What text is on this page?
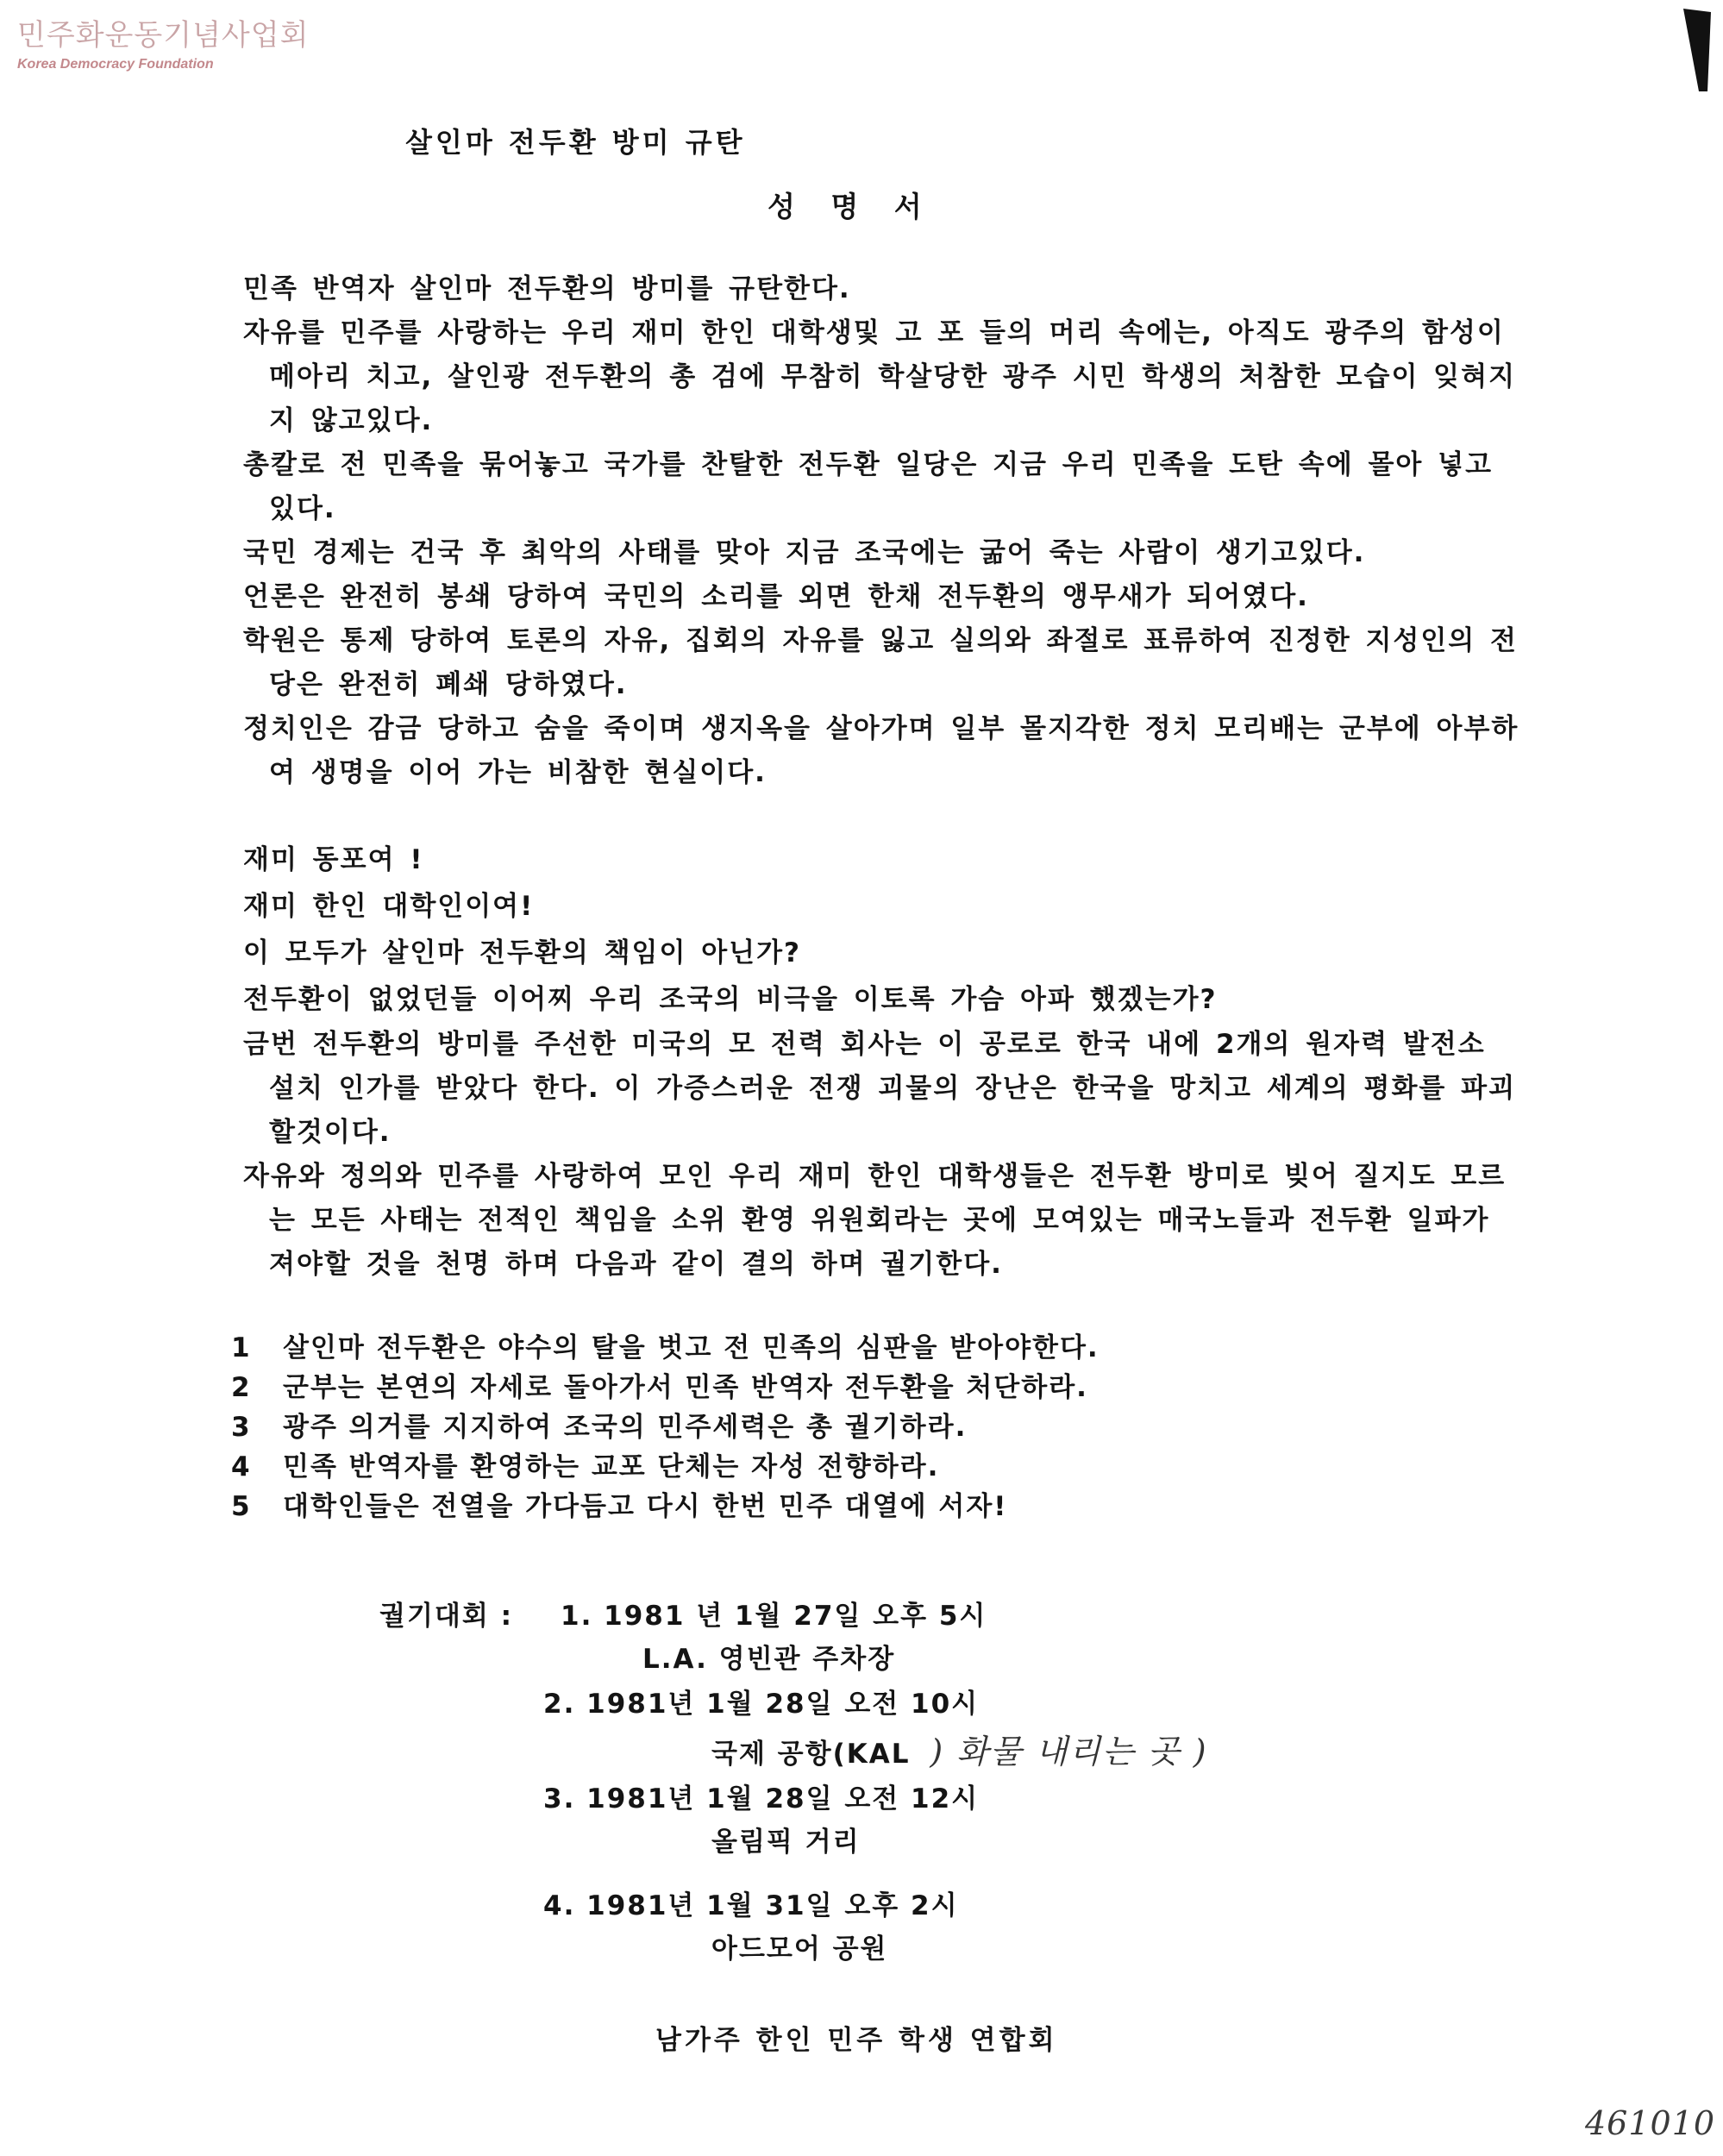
민주화운동기념사업회
Korea Democracy Foundation
살인마 전두환 방미 규탄
성 명 서

민족 반역자 살인마 전두환의 방미를 규탄한다.

자유를 민주를 사랑하는 우리 재미 한인 대학생및 고 포 들의 머리 속에는, 아직도 광주의 함성이 메아리 치고, 살인광 전두환의 총 검에 무참히 학살당한 광주 시민 학생의 처참한 모습이 잊혀지지 않고있다.

총칼로 전 민족을 묶어놓고 국가를 찬탈한 전두환 일당은 지금 우리 민족을 도탄 속에 몰아 넣고있다.

국민 경제는 건국 후 최악의 사태를 맞아 지금 조국에는 굶어 죽는 사람이 생기고있다.

언론은 완전히 봉쇄 당하여 국민의 소리를 외면 한채 전두환의 앵무새가 되어였다.

학원은 통제 당하여 토론의 자유, 집회의 자유를 잃고 실의와 좌절로 표류하여 진정한 지성인의 전당은 완전히 폐쇄 당하였다.

정치인은 감금 당하고 숨을 죽이며 생지옥을 살아가며 일부 몰지각한 정치 모리배는 군부에 아부하여 생명을 이어 가는 비참한 현실이다.

재미 동포여 !

재미 한인 대학인이여!

이 모두가 살인마 전두환의 책임이 아닌가?

전두환이 없었던들 이어찌 우리 조국의 비극을 이토록 가슴 아파 했겠는가?

금번 전두환의 방미를 주선한 미국의 모 전력 회사는 이 공로로 한국 내에 2개의 원자력 발전소 설치 인가를 받았다 한다. 이 가증스러운 전쟁 괴물의 장난은 한국을 망치고 세계의 평화를 파괴 할것이다.

자유와 정의와 민주를 사랑하여 모인 우리 재미 한인 대학생들은 전두환 방미로 빚어 질지도 모르는 모든 사태는 전적인 책임을 소위 환영 위원회라는 곳에 모여있는 매국노들과 전두환 일파가 져야할 것을 천명 하며 다음과 같이 결의 하며 궐기한다.

1	살인마 전두환은 야수의 탈을 벗고 전 민족의 심판을 받아야한다.
2	군부는 본연의 자세로 돌아가서 민족 반역자 전두환을 처단하라.
3	광주 의거를 지지하여 조국의 민주세력은 총 궐기하라.
4	민족 반역자를 환영하는 교포 단체는 자성 전향하라.
5	대학인들은 전열을 가다듬고 다시 한번 민주 대열에 서자!
궐기대회 : 1. 1981 년 1월 27일 오후 5시
L.A. 영빈관 주차장
2. 1981년 1월 28일 오전 10시
국제 공항(KAL ) 화물 내리는 곳 )
3. 1981년 1월 28일 오전 12시
올림픽 거리
4. 1981년 1월 31일 오후 2시
아드모어 공원
남가주 한인 민주 학생 연합회
461010
